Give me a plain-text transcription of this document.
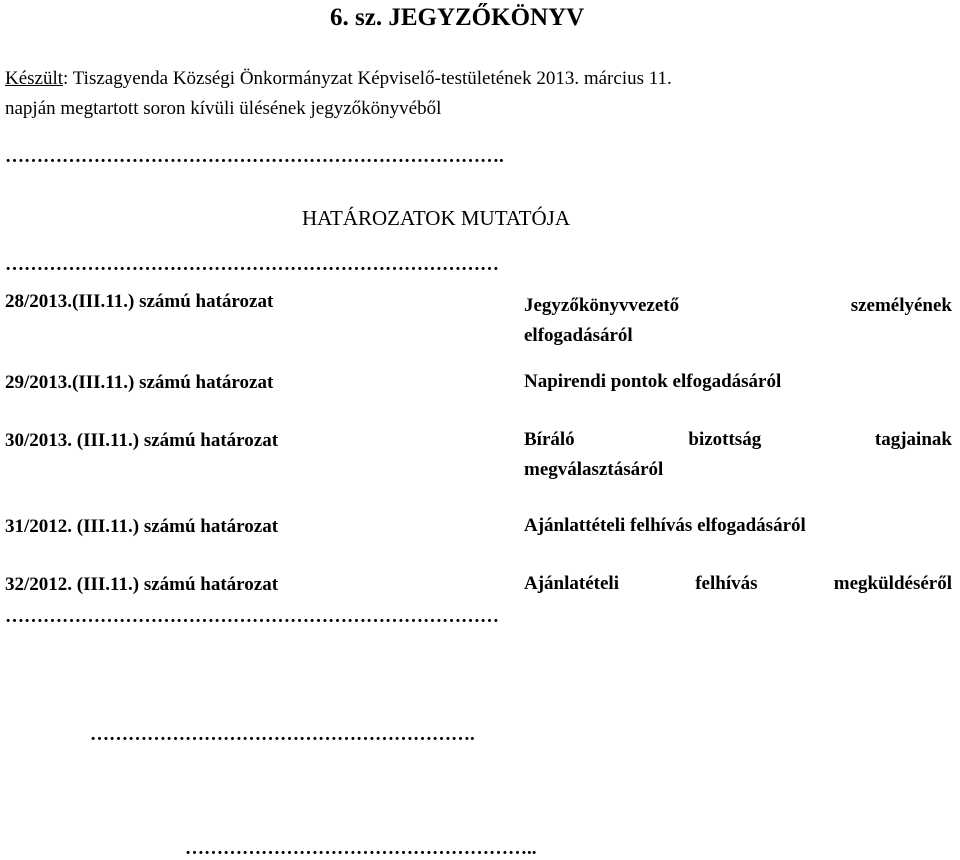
6. sz. JEGYZŐKÖNYV
Készült: Tiszagyenda Községi Önkormányzat Képviselő-testületének 2013. március 11.
napján megtartott soron kívüli ülésének jegyzőkönyvéből
…………………………………………………………………….
HATÁROZATOK MUTATÓJA
……………………………………………………………………
28/2013.(III.11.) számú határozat	Jegyzőkönyvvezető	személyének
elfogadásáról
29/2013.(III.11.) számú határozat	Napirendi pontok elfogadásáról
30/2013. (III.11.) számú határozat	Bíráló	bizottság	tagjainak
megválasztásáról
31/2012. (III.11.) számú határozat	Ajánlattételi felhívás elfogadásáról
32/2012. (III.11.) számú határozat	Ajánlatételi	felhívás	megküldéséről
……………………………………………………………………
…………………………………………………….
………………………………………………..
